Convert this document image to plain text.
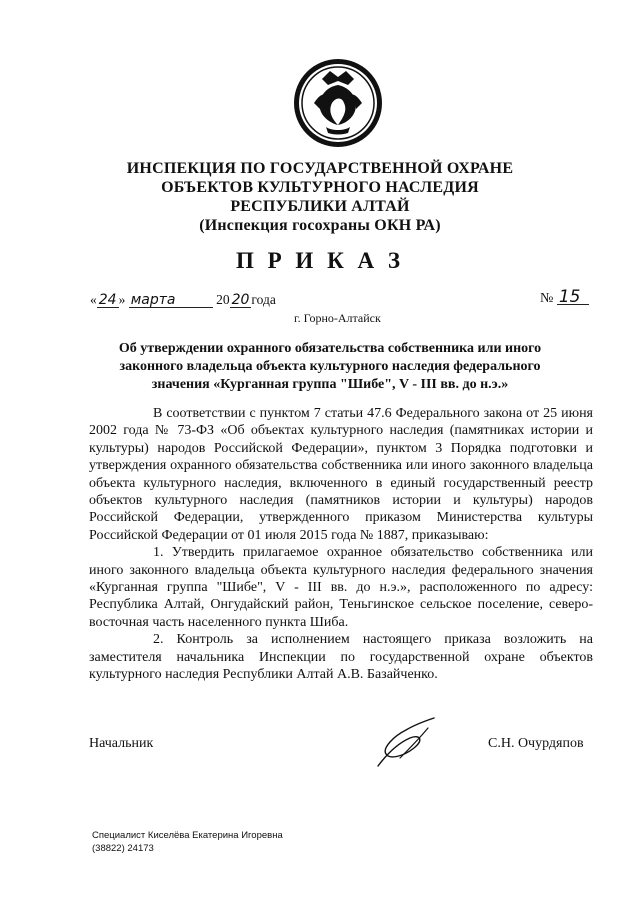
ИНСПЕКЦИЯ ПО ГОСУДАРСТВЕННОЙ ОХРАНЕ
ОБЪЕКТОВ КУЛЬТУРНОГО НАСЛЕДИЯ
РЕСПУБЛИКИ АЛТАЙ
(Инспекция госохраны ОКН РА)
П Р И К А З
« 24 » марта	20 20 года
г. Горно-Алтайск
№ 15
Об утверждении охранного обязательства собственника или иного
законного владельца объекта культурного наследия федерального
значения «Курганная группа "Шибе", V - III вв. до н.э.»

В соответствии с пунктом 7 статьи 47.6 Федерального закона от 25 июня 2002 года № 73-ФЗ «Об объектах культурного наследия (памятниках истории и культуры) народов Российской Федерации», пунктом 3 Порядка подготовки и утверждения охранного обязательства собственника или иного законного владельца объекта культурного наследия, включенного в единый государственный реестр объектов культурного наследия (памятников истории и культуры) народов Российской Федерации, утвержденного приказом Министерства культуры Российской Федерации от 01 июля 2015 года № 1887, приказываю:

1. Утвердить прилагаемое охранное обязательство собственника или иного законного владельца объекта культурного наследия федерального значения «Курганная группа "Шибе", V - III вв. до н.э.», расположенного по адресу: Республика Алтай, Онгудайский район, Теньгинское сельское поселение, северо-восточная часть населенного пункта Шиба.

2. Контроль за исполнением настоящего приказа возложить на заместителя начальника Инспекции по государственной охране объектов культурного наследия Республики Алтай А.В. Базайченко.

Начальник	С.Н. Очурдяпов
Специалист Киселёва Екатерина Игоревна
(38822) 24173
